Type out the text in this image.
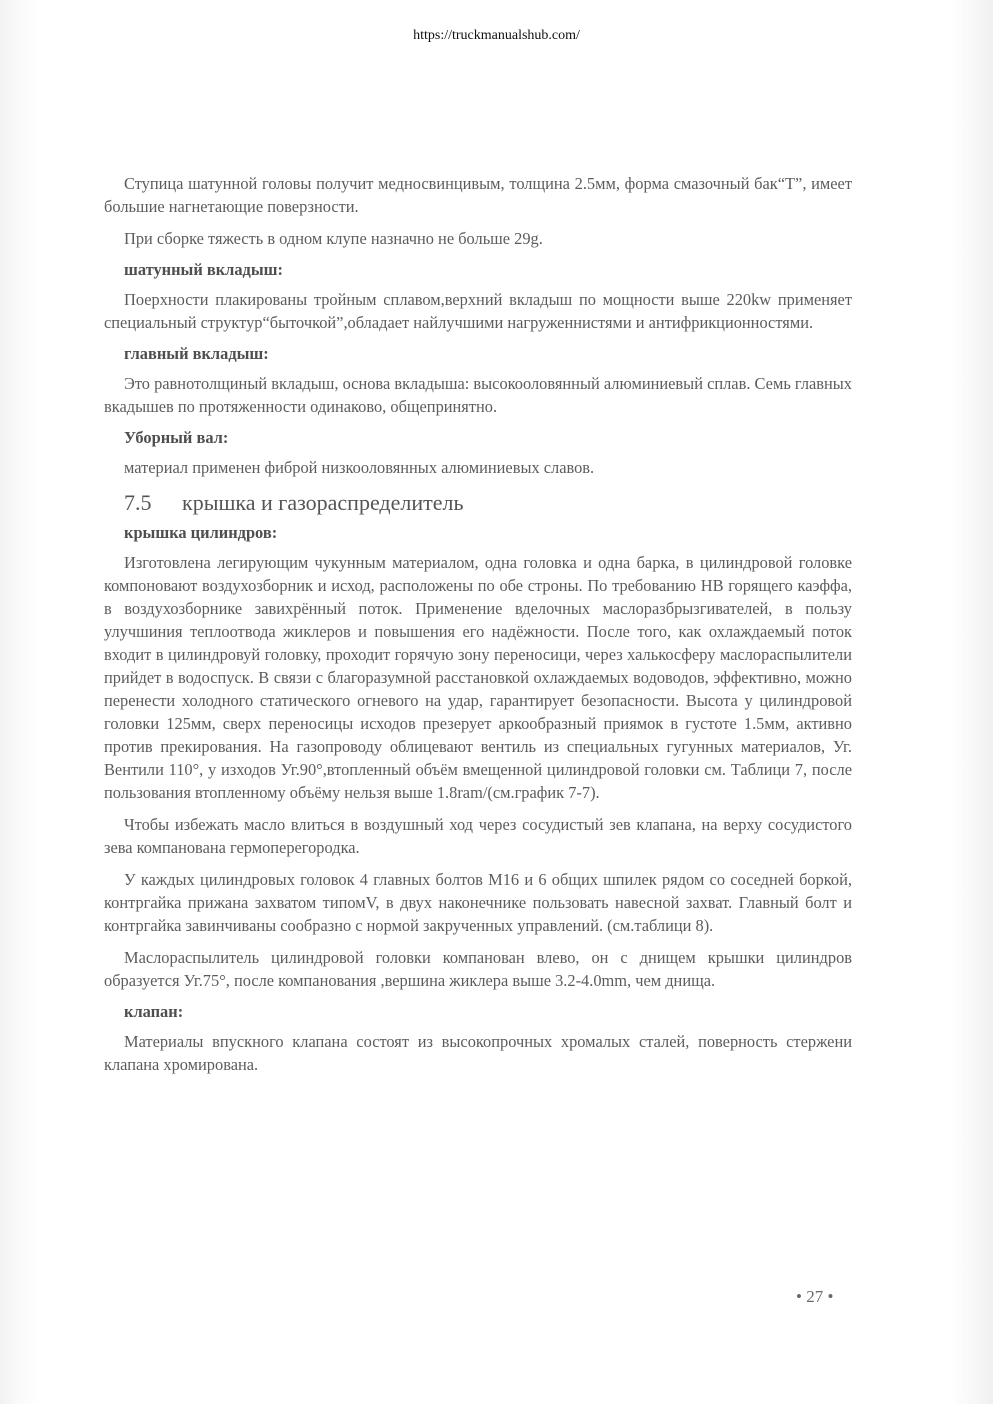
https://truckmanualshub.com/

Ступица шатунной головы получит медносвинцивым, толщина 2.5мм, форма смазочный бак“Т”, имеет большие нагнетающие поверзности.

При сборке тяжесть в одном клупе назначно не больше 29g.

шатунный вкладыш:

Поерхности плакированы тройным сплавом,верхний вкладыш по мощности выше 220kw применяет специальный структур“быточкой”,обладает найлучшими нагруженнистями и антифрикционностями.

главный вкладыш:

Это равнотолщиный вкладыш, основа вкладыша: высокооловянный алюминиевый сплав. Семь главных вкадышев по протяженности одинаково, общепринятно.

Уборный вал:

материал применен фиброй низкооловянных алюминиевых славов.

7.5 крышка и газораспределитель
крышка цилиндров:

Изготовлена легирующим чукунным материалом, одна головка и одна барка, в цилиндровой головке компоновают воздухозборник и исход, расположены по обе строны. По требованию НВ горящего каэффа, в воздухозборнике завихрённый поток. Применение вделочных маслоразбрызгивателей, в пользу улучшиния теплоотвода жиклеров и повышения его надёжности. После того, как охлаждаемый поток входит в цилиндровуй головку, проходит горячую зону переносици, через халькосферу маслораспылители прийдет в водоспуск. В связи с благоразумной расстановкой охлаждаемых водоводов, эффективно, можно перенести холодного статического огневого на удар, гарантирует безопасности. Высота у цилиндровой головки 125мм, сверх переносицы исходов презерует аркообразный приямок в густоте 1.5мм, активно против прекирования. На газопроводу облицевают вентиль из специальных гугунных материалов, Уг. Вентили 110°, у изходов Уг.90°,втопленный объём вмещенной цилиндровой головки см. Таблици 7, после пользования втопленному объёму нельзя выше 1.8ram/(см.график 7-7).

Чтобы избежать масло влиться в воздушный ход через сосудистый зев клапана, на верху сосудистого зева компанована гермоперегородка.

У каждых цилиндровых головок 4 главных болтов М16 и 6 общих шпилек рядом со соседней боркой, контргайка прижана захватом типомV, в двух наконечнике пользовать навесной захват. Главный болт и контргайка завинчиваны сообразно с нормой закрученных управлений. (см.таблици 8).

Маслораспылитель цилиндровой головки компанован влево, он с днищем крышки цилиндров образуется Уг.75°, после компанования ,вершина жиклера выше 3.2-4.0mm, чем днища.

клапан:

Материалы впускного клапана состоят из высокопрочных хромалых сталей, поверность стержени клапана хромирована.

• 27 •
